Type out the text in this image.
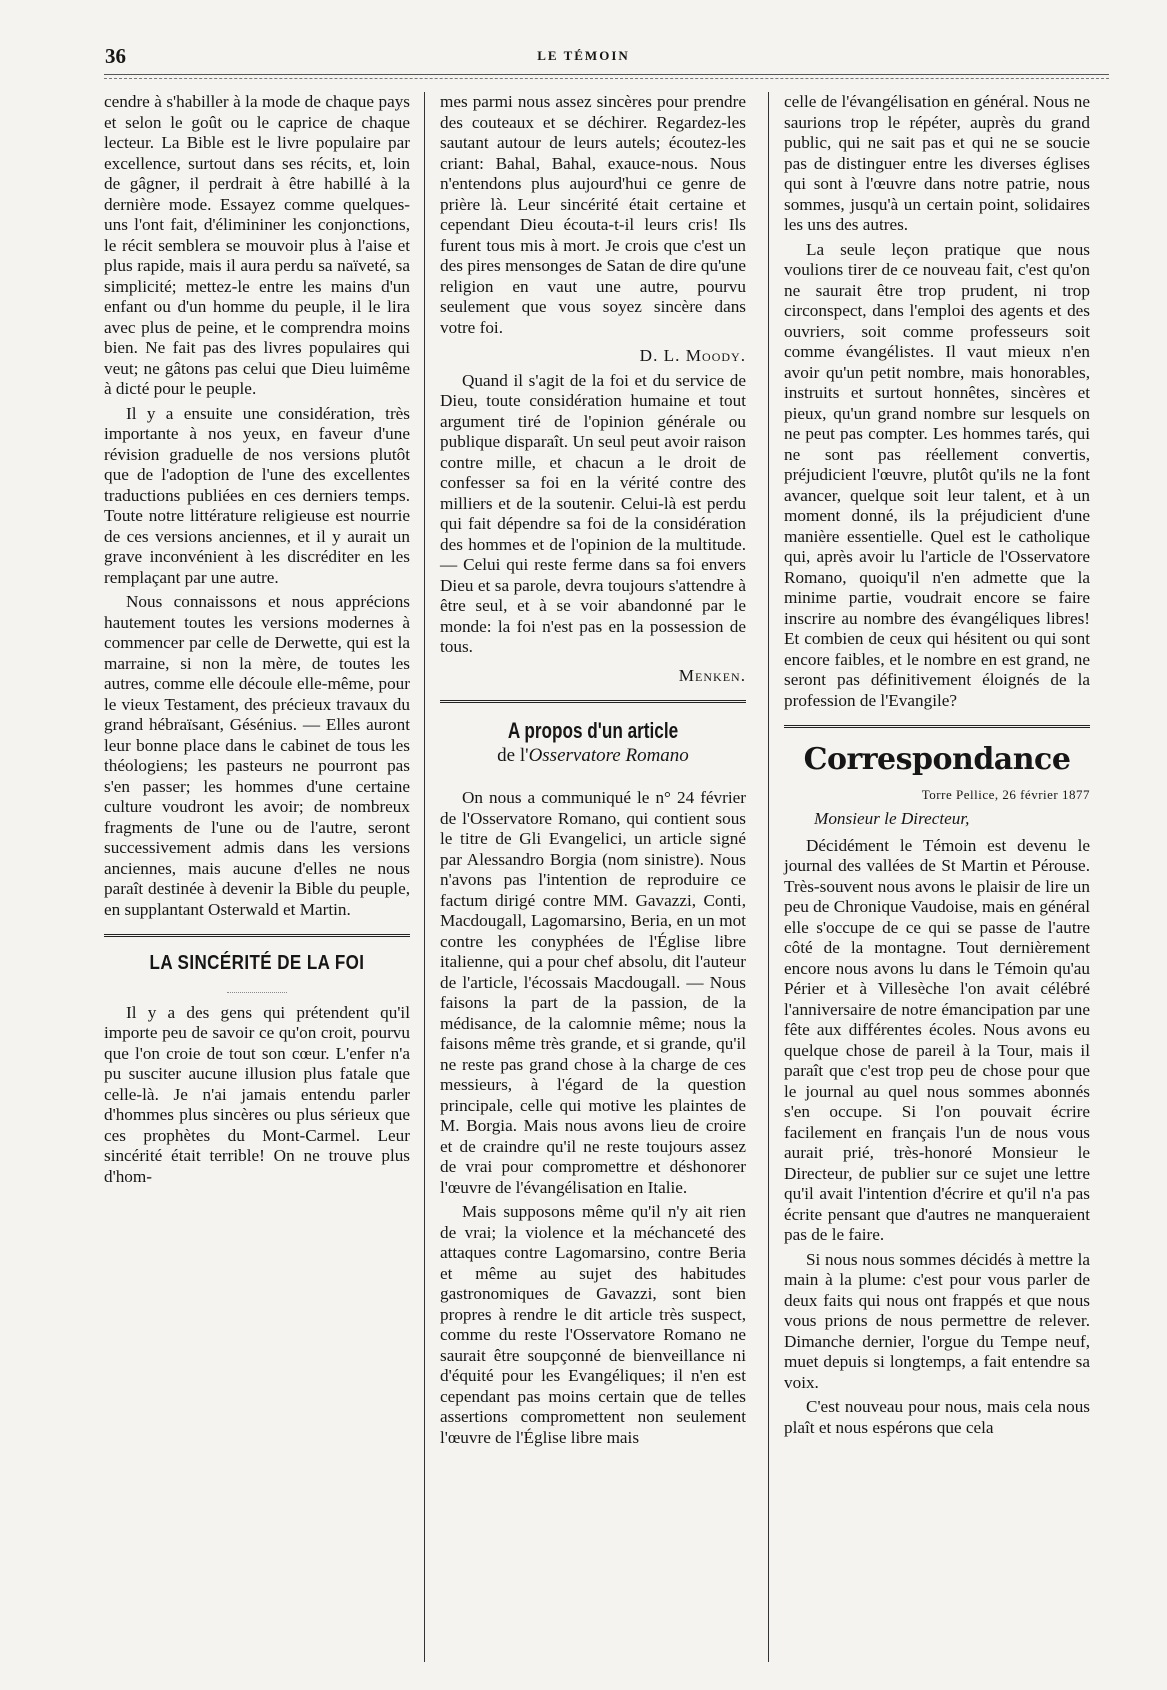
36	LE TÉMOIN

cendre à s'habiller à la mode de chaque pays et selon le goût ou le caprice de chaque lecteur. La Bible est le livre populaire par excellence, surtout dans ses récits, et, loin de gâgner, il perdrait à être habillé à la dernière mode. Essayez comme quelques-uns l'ont fait, d'élimininer les conjonctions, le récit semblera se mouvoir plus à l'aise et plus rapide, mais il aura perdu sa naïveté, sa simplicité; mettez-le entre les mains d'un enfant ou d'un homme du peuple, il le lira avec plus de peine, et le comprendra moins bien. Ne fait pas des livres populaires qui veut; ne gâtons pas celui que Dieu luimême à dicté pour le peuple.

Il y a ensuite une considération, très importante à nos yeux, en faveur d'une révision graduelle de nos versions plutôt que de l'adoption de l'une des excellentes traductions publiées en ces derniers temps. Toute notre littérature religieuse est nourrie de ces versions anciennes, et il y aurait un grave inconvénient à les discréditer en les remplaçant par une autre.

Nous connaissons et nous apprécions hautement toutes les versions modernes à commencer par celle de Derwette, qui est la marraine, si non la mère, de toutes les autres, comme elle découle elle-même, pour le vieux Testament, des précieux travaux du grand hébraïsant, Gésénius. — Elles auront leur bonne place dans le cabinet de tous les théologiens; les pasteurs ne pourront pas s'en passer; les hommes d'une certaine culture voudront les avoir; de nombreux fragments de l'une ou de l'autre, seront successivement admis dans les versions anciennes, mais aucune d'elles ne nous paraît destinée à devenir la Bible du peuple, en supplantant Osterwald et Martin.

LA SINCÉRITÉ DE LA FOI

Il y a des gens qui prétendent qu'il importe peu de savoir ce qu'on croit, pourvu que l'on croie de tout son cœur. L'enfer n'a pu susciter aucune illusion plus fatale que celle-là. Je n'ai jamais entendu parler d'hommes plus sincères ou plus sérieux que ces prophètes du Mont-Carmel. Leur sincérité était terrible! On ne trouve plus d'hom-

mes parmi nous assez sincères pour prendre des couteaux et se déchirer. Regardez-les sautant autour de leurs autels; écoutez-les criant: Bahal, Bahal, exauce-nous. Nous n'entendons plus aujourd'hui ce genre de prière là. Leur sincérité était certaine et cependant Dieu écouta-t-il leurs cris! Ils furent tous mis à mort. Je crois que c'est un des pires mensonges de Satan de dire qu'une religion en vaut une autre, pourvu seulement que vous soyez sincère dans votre foi.

D. L. Moody.

Quand il s'agit de la foi et du service de Dieu, toute considération humaine et tout argument tiré de l'opinion générale ou publique disparaît. Un seul peut avoir raison contre mille, et chacun a le droit de confesser sa foi en la vérité contre des milliers et de la soutenir. Celui-là est perdu qui fait dépendre sa foi de la considération des hommes et de l'opinion de la multitude. — Celui qui reste ferme dans sa foi envers Dieu et sa parole, devra toujours s'attendre à être seul, et à se voir abandonné par le monde: la foi n'est pas en la possession de tous.

Menken.
A propos d'un article
de l'Osservatore Romano

On nous a communiqué le n° 24 février de l'Osservatore Romano, qui contient sous le titre de Gli Evangelici, un article signé par Alessandro Borgia (nom sinistre). Nous n'avons pas l'intention de reproduire ce factum dirigé contre MM. Gavazzi, Conti, Macdougall, Lagomarsino, Beria, en un mot contre les conyphées de l'Église libre italienne, qui a pour chef absolu, dit l'auteur de l'article, l'écossais Macdougall. — Nous faisons la part de la passion, de la médisance, de la calomnie même; nous la faisons même très grande, et si grande, qu'il ne reste pas grand chose à la charge de ces messieurs, à l'égard de la question principale, celle qui motive les plaintes de M. Borgia. Mais nous avons lieu de croire et de craindre qu'il ne reste toujours assez de vrai pour compromettre et déshonorer l'œuvre de l'évangélisation en Italie.

Mais supposons même qu'il n'y ait rien de vrai; la violence et la méchanceté des attaques contre Lagomarsino, contre Beria et même au sujet des habitudes gastronomiques de Gavazzi, sont bien propres à rendre le dit article très suspect, comme du reste l'Osservatore Romano ne saurait être soupçonné de bienveillance ni d'équité pour les Evangéliques; il n'en est cependant pas moins certain que de telles assertions compromettent non seulement l'œuvre de l'Église libre mais

celle de l'évangélisation en général. Nous ne saurions trop le répéter, auprès du grand public, qui ne sait pas et qui ne se soucie pas de distinguer entre les diverses églises qui sont à l'œuvre dans notre patrie, nous sommes, jusqu'à un certain point, solidaires les uns des autres.

La seule leçon pratique que nous voulions tirer de ce nouveau fait, c'est qu'on ne saurait être trop prudent, ni trop circonspect, dans l'emploi des agents et des ouvriers, soit comme professeurs soit comme évangélistes. Il vaut mieux n'en avoir qu'un petit nombre, mais honorables, instruits et surtout honnêtes, sincères et pieux, qu'un grand nombre sur lesquels on ne peut pas compter. Les hommes tarés, qui ne sont pas réellement convertis, préjudicient l'œuvre, plutôt qu'ils ne la font avancer, quelque soit leur talent, et à un moment donné, ils la préjudicient d'une manière essentielle. Quel est le catholique qui, après avoir lu l'article de l'Osservatore Romano, quoiqu'il n'en admette que la minime partie, voudrait encore se faire inscrire au nombre des évangéliques libres! Et combien de ceux qui hésitent ou qui sont encore faibles, et le nombre en est grand, ne seront pas définitivement éloignés de la profession de l'Evangile?

Correspondance
Torre Pellice, 26 février 1877
Monsieur le Directeur,

Décidément le Témoin est devenu le journal des vallées de St Martin et Pérouse. Très-souvent nous avons le plaisir de lire un peu de Chronique Vaudoise, mais en général elle s'occupe de ce qui se passe de l'autre côté de la montagne. Tout dernièrement encore nous avons lu dans le Témoin qu'au Périer et à Villesèche l'on avait célébré l'anniversaire de notre émancipation par une fête aux différentes écoles. Nous avons eu quelque chose de pareil à la Tour, mais il paraît que c'est trop peu de chose pour que le journal au quel nous sommes abonnés s'en occupe. Si l'on pouvait écrire facilement en français l'un de nous vous aurait prié, très-honoré Monsieur le Directeur, de publier sur ce sujet une lettre qu'il avait l'intention d'écrire et qu'il n'a pas écrite pensant que d'autres ne manqueraient pas de le faire.

Si nous nous sommes décidés à mettre la main à la plume: c'est pour vous parler de deux faits qui nous ont frappés et que nous vous prions de nous permettre de relever. Dimanche dernier, l'orgue du Tempe neuf, muet depuis si longtemps, a fait entendre sa voix.

C'est nouveau pour nous, mais cela nous plaît et nous espérons que cela
